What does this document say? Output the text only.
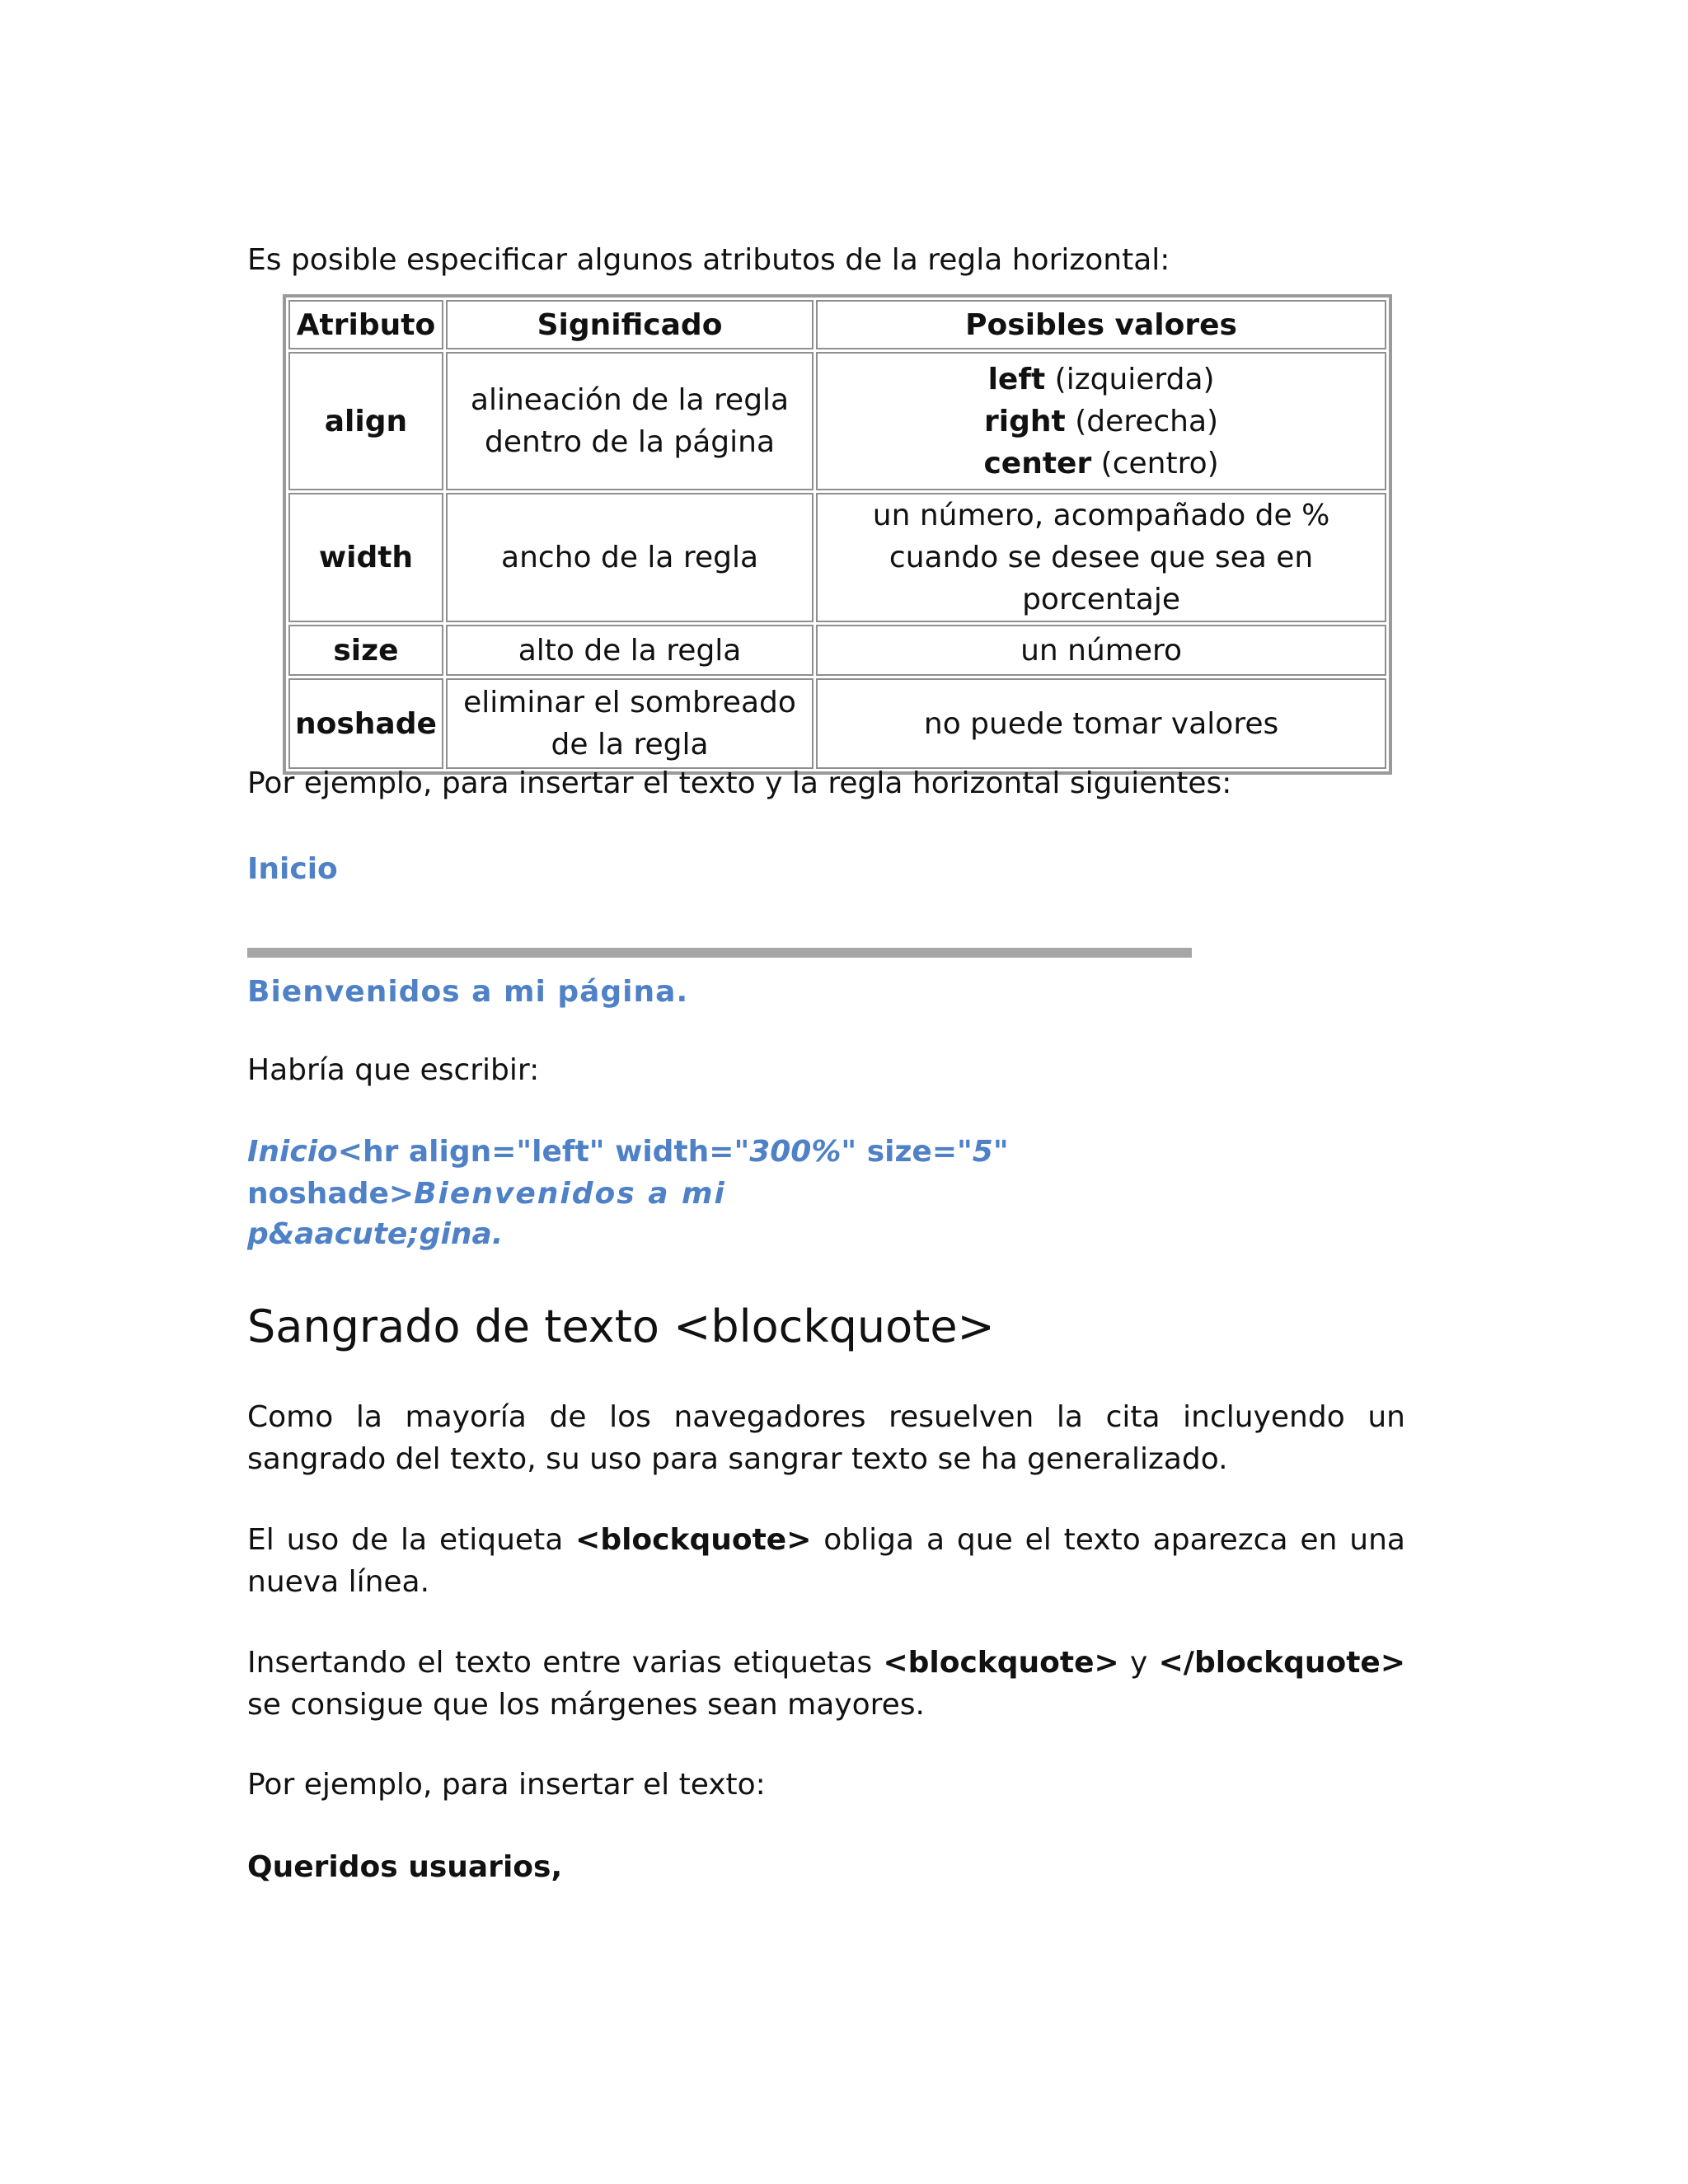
Es posible especificar algunos atributos de la regla horizontal:

Atributo	Significado	Posibles valores
align	alineación de la regla dentro de la página	left (izquierda)
right (derecha)
center (centro)

width	ancho de la regla	un número, acompañado de % cuando se desee que sea en porcentaje
size	alto de la regla	un número
noshade	eliminar el sombreado de la regla	no puede tomar valores

Por ejemplo, para insertar el texto y la regla horizontal siguientes:

Inicio

Bienvenidos a mi página.

Habría que escribir:

Inicio<hr align="left" width="300%" size="5" noshade>Bienvenidos a mi

p&aacute;gina.

Sangrado de texto <blockquote>

Como la mayoría de los navegadores resuelven la cita incluyendo un sangrado del texto, su uso para sangrar texto se ha generalizado.

El uso de la etiqueta <blockquote> obliga a que el texto aparezca en una nueva línea.

Insertando el texto entre varias etiquetas <blockquote> y </blockquote> se consigue que los márgenes sean mayores.

Por ejemplo, para insertar el texto:

Queridos usuarios,
